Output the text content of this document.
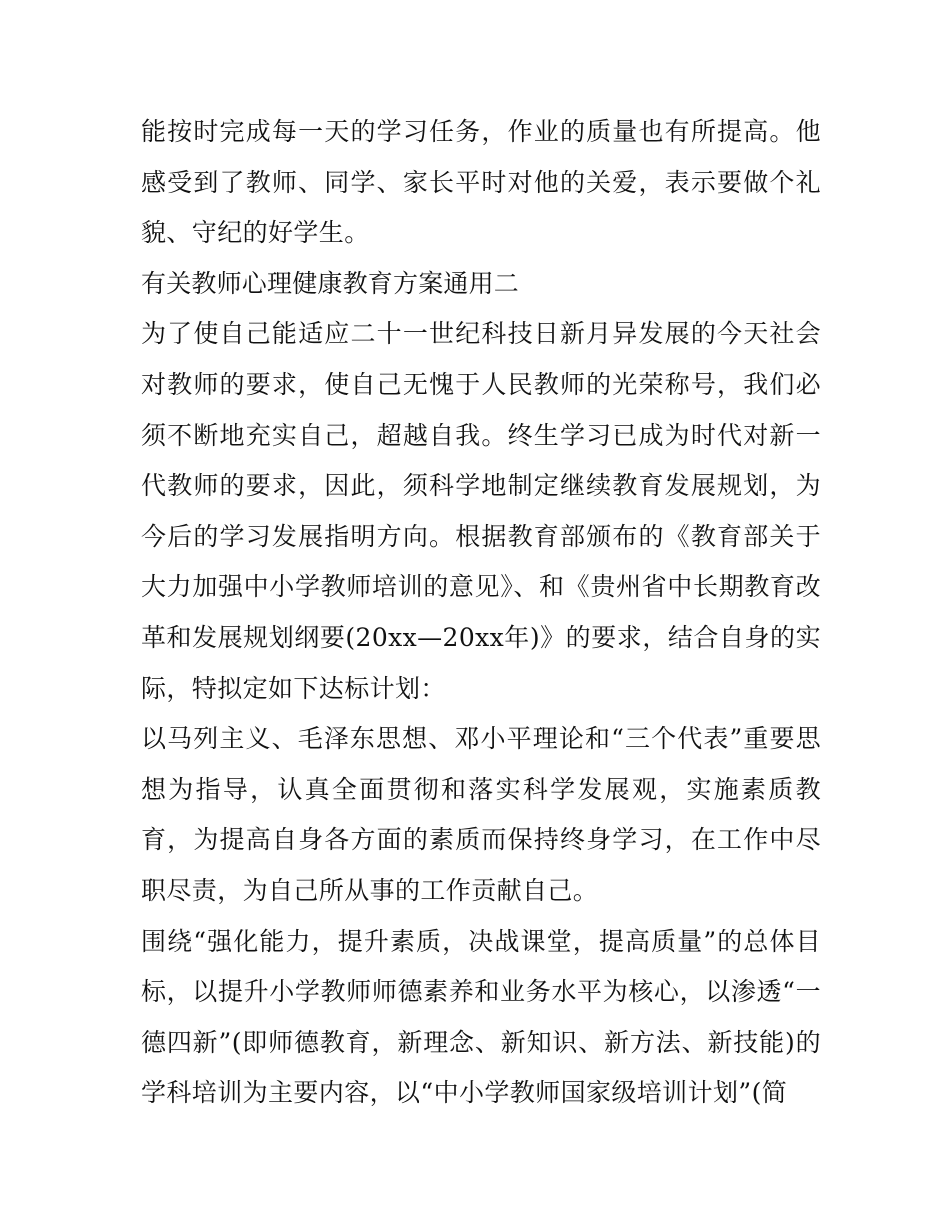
能按时完成每一天的学习任务，作业的质量也有所提高。他感受到了教师、同学、家长平时对他的关爱，表示要做个礼貌、守纪的好学生。

有关教师心理健康教育方案通用二

为了使自己能适应二十一世纪科技日新月异发展的今天社会对教师的要求，使自己无愧于人民教师的光荣称号，我们必须不断地充实自己，超越自我。终生学习已成为时代对新一代教师的要求，因此，须科学地制定继续教育发展规划，为今后的学习发展指明方向。根据教育部颁布的《教育部关于大力加强中小学教师培训的意见》、和《贵州省中长期教育改革和发展规划纲要(20xx—20xx年)》的要求，结合自身的实际，特拟定如下达标计划：

以马列主义、毛泽东思想、邓小平理论和“三个代表”重要思想为指导，认真全面贯彻和落实科学发展观，实施素质教育，为提高自身各方面的素质而保持终身学习，在工作中尽职尽责，为自己所从事的工作贡献自己。

围绕“强化能力，提升素质，决战课堂，提高质量”的总体目标，以提升小学教师师德素养和业务水平为核心，以渗透“一德四新”(即师德教育，新理念、新知识、新方法、新技能)的学科培训为主要内容，以“中小学教师国家级培训计划”(简
